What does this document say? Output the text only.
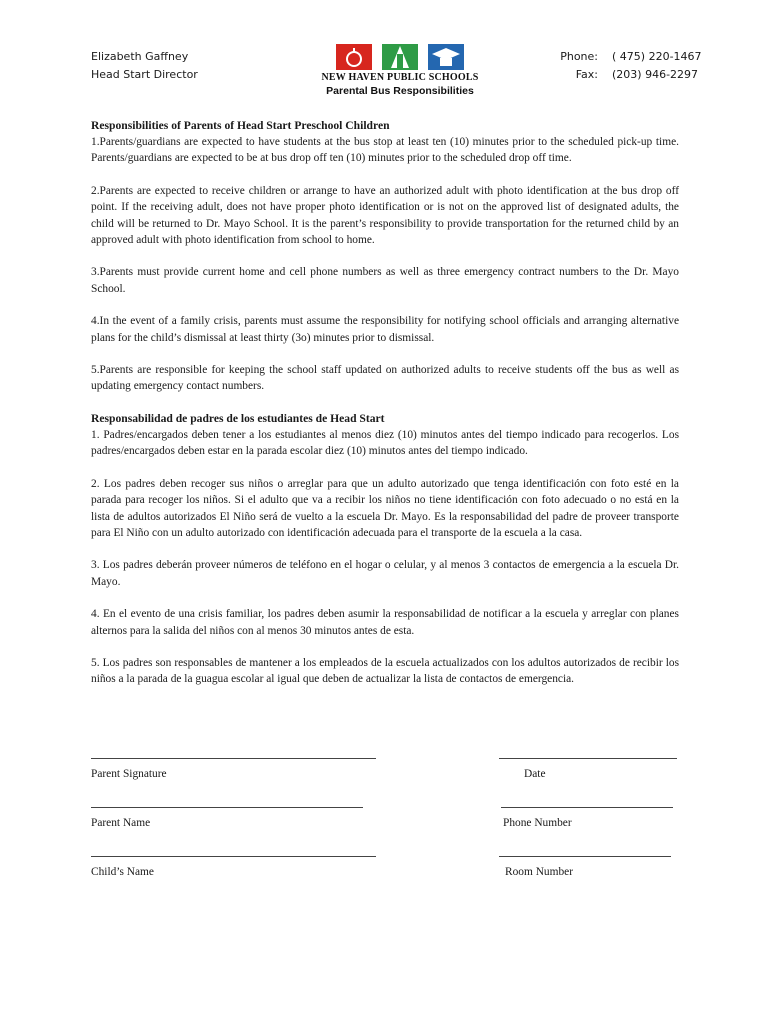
Elizabeth Gaffney
Head Start Director	NEW HAVEN PUBLIC SCHOOLS
Parental Bus Responsibilities
Phone:	( 475) 220-1467
Fax:	(203) 946-2297
Responsibilities of Parents of Head Start Preschool Children

1.Parents/guardians are expected to have students at the bus stop at least ten (10) minutes prior to the scheduled pick-up time. Parents/guardians are expected to be at bus drop off ten (10) minutes prior to the scheduled drop off time.

2.Parents are expected to receive children or arrange to have an authorized adult with photo identification at the bus drop off point. If the receiving adult, does not have proper photo identification or is not on the approved list of designated adults, the child will be returned to Dr. Mayo School. It is the parent’s responsibility to provide transportation for the returned child by an approved adult with photo identification from school to home.

3.Parents must provide current home and cell phone numbers as well as three emergency contract numbers to the Dr. Mayo School.

4.In the event of a family crisis, parents must assume the responsibility for notifying school officials and arranging alternative plans for the child’s dismissal at least thirty (3o) minutes prior to dismissal.

5.Parents are responsible for keeping the school staff updated on authorized adults to receive students off the bus as well as updating emergency contact numbers.

Responsabilidad de padres de los estudiantes de Head Start

1. Padres/encargados deben tener a los estudiantes al menos diez (10) minutos antes del tiempo indicado para recogerlos. Los padres/encargados deben estar en la parada escolar diez (10) minutos antes del tiempo indicado.

2. Los padres deben recoger sus niños o arreglar para que un adulto autorizado que tenga identificación con foto esté en la parada para recoger los niños. Si el adulto que va a recibir los niños no tiene identificación con foto adecuado o no está en la lista de adultos autorizados El Niño será de vuelto a la escuela Dr. Mayo. Es la responsabilidad del padre de proveer transporte para El Niño con un adulto autorizado con identificación adecuada para el transporte de la escuela a la casa.

3. Los padres deberán proveer números de teléfono en el hogar o celular, y al menos 3 contactos de emergencia a la escuela Dr. Mayo.

4. En el evento de una crisis familiar, los padres deben asumir la responsabilidad de notificar a la escuela y arreglar con planes alternos para la salida del niños con al menos 30 minutos antes de esta.

5. Los padres son responsables de mantener a los empleados de la escuela actualizados con los adultos autorizados de recibir los niños a la parada de la guagua escolar al igual que deben de actualizar la lista de contactos de emergencia.

Parent Signature	Date
Parent Name	Phone Number
Child’s Name	Room Number
